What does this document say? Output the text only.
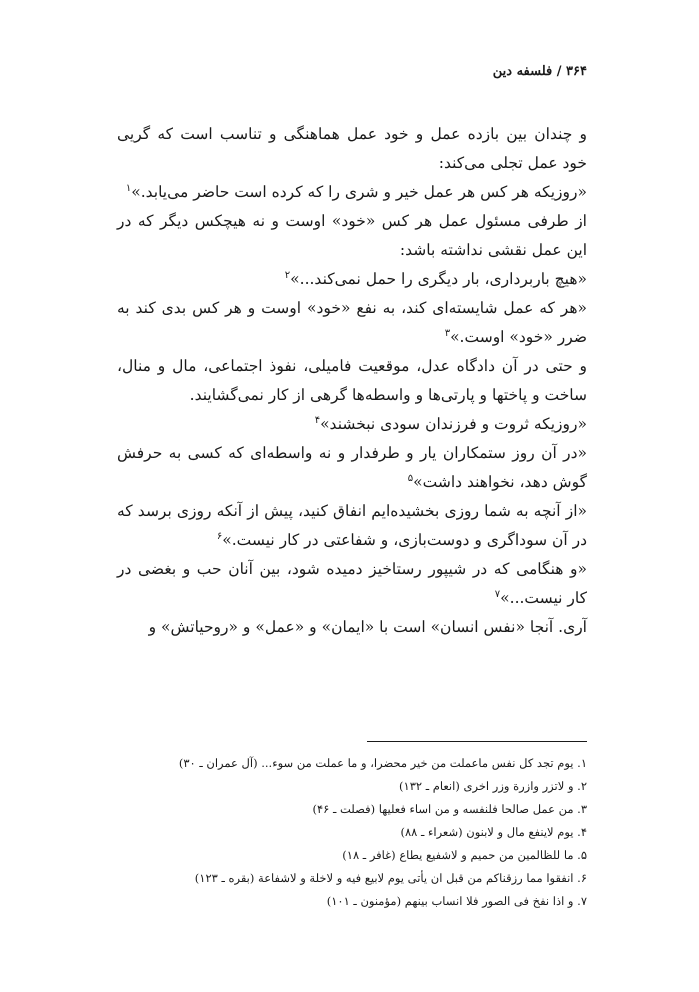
۳۶۴ / فلسفه دین

و چندان بین بازده عمل و خود عمل هماهنگی و تناسب است که گریی خود عمل تجلی می‌کند:

«روزیکه هر کس هر عمل خیر و شری را که کرده است حاضر می‌یابد.»$^۱$

از طرفی مسئول عمل هر کس «خود» اوست و نه هیچکس دیگر که در این عمل نقشی نداشته باشد:

«هیچ باربرداری، بار دیگری را حمل نمی‌کند...»$^۲$

«هر که عمل شایسته‌ای کند، به نفع «خود» اوست و هر کس بدی کند به ضرر «خود» اوست.»$^۳$

و حتی در آن دادگاه عدل، موقعیت فامیلی، نفوذ اجتماعی، مال و منال، ساخت و پاختها و پارتی‌ها و واسطه‌ها گرهی از کار نمی‌گشایند.

«روزیکه ثروت و فرزندان سودی نبخشند»$^۴$

«در آن روز ستمکاران یار و طرفدار و نه واسطه‌ای که کسی به حرفش گوش دهد، نخواهند داشت»$^۵$

«از آنچه به شما روزی بخشیده‌ایم انفاق کنید، پیش از آنکه روزی برسد که در آن سوداگری و دوست‌بازی، و شفاعتی در کار نیست.»$^۶$

«و هنگامی که در شیپور رستاخیز دمیده شود، بین آنان حب و بغضی در کار نیست...»$^۷$

آری. آنجا «نفس انسان» است با «ایمان» و «عمل» و «روحیاتش» و

۱. یوم تجد کل نفس ماعملت من خیر محضرا، و ما عملت من سوء... (آل عمران ـ ۳۰)
۲. و لاتزر وازرة وزر اخری (انعام ـ ۱۳۲)
۳. من عمل صالحا فلنفسه و من اساء فعلیها (فصلت ـ ۴۶)
۴. یوم لاینفع مال و لابنون (شعراء ـ ۸۸)
۵. ما للظالمین من حمیم و لاشفیع یطاع (غافر ـ ۱۸)
۶. انفقوا مما رزقناکم من قبل ان یأتی یوم لابیع فیه و لاخلة و لاشفاعة (بقره ـ ۱۲۳)
۷. و اذا نفخ فی الصور فلا انساب بینهم (مؤمنون ـ ۱۰۱)
